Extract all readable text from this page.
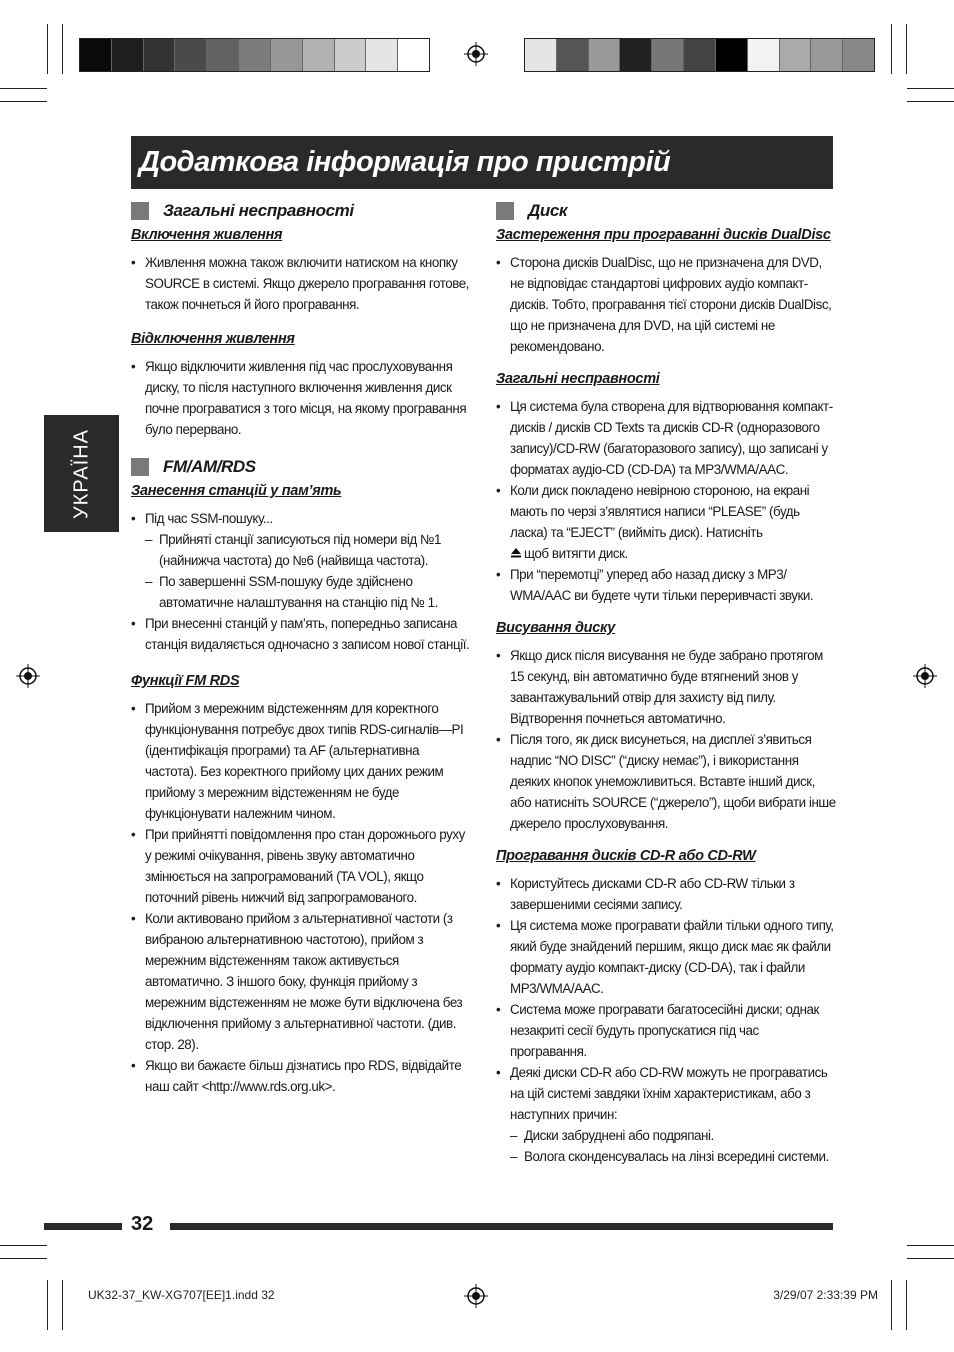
Додаткова інформація про пристрій
УКРАЇНА
Загальні несправності
Включення живлення
• Живлення можна також включити натиском на кнопку SOURCE в системі. Якщо джерело програвання готове, також почнеться й його програвання.
Відключення живлення
• Якщо відключити живлення під час прослуховування диску, то після наступного включення живлення диск почне програватися з того місця, на якому програвання було перервано.
FM/AM/RDS
Занесення станцій у пам’ять
• Під час SSM-пошуку...
– Прийняті станції записуються під номери від №1 (найнижча частота) до №6 (найвища частота).
– По завершенні SSM-пошуку буде здійснено автоматичне налаштування на станцію під № 1.
• При внесенні станцій у пам’ять, попередньо записана станція видаляється одночасно з записом нової станції.
Функції FM RDS
• Прийом з мережним відстеженням для коректного функціонування потребує двох типів RDS-сигналів—PI (ідентифікація програми) та AF (альтернативна частота). Без коректного прийому цих даних режим прийому з мережним відстеженням не буде функціонувати належним чином.
• При прийнятті повідомлення про стан дорожнього руху у режимі очікування, рівень звуку автоматично змінюється на запрограмований (TA VOL), якщо поточний рівень нижчий від запрограмованого.
• Коли активовано прийом з альтернативної частоти (з вибраною альтернативною частотою), прийом з мережним відстеженням також активується автоматично. З іншого боку, функція прийому з мережним відстеженням не може бути відключена без відключення прийому з альтернативної частоти. (див. стор. 28).
• Якщо ви бажаєте більш дізнатись про RDS, відвідайте наш сайт <http://www.rds.org.uk>.
Диск
Застереження при програванні дисків DualDisc
• Сторона дисків DualDisc, що не призначена для DVD, не відповідає стандартові цифрових аудіо компакт-дисків. Тобто, програвання тієї сторони дисків DualDisc, що не призначена для DVD, на цій системі не рекомендовано.
Загальні несправності
• Ця система була створена для відтворювання компакт-дисків / дисків CD Texts та дисків CD-R (одноразового запису)/CD-RW (багаторазового запису), що записані у форматах аудіо-CD (CD-DA) та MP3/WMA/AAC.
• Коли диск покладено невірною стороною, на екрані мають по черзі з’являтися написи “PLEASE” (будь ласка) та “EJECT” (вийміть диск). Натисніть
щоб витягти диск.
• При “перемотці” уперед або назад диску з MP3/ WMA/AAC ви будете чути тільки переривчасті звуки.
Висування диску
• Якщо диск після висування не буде забрано протягом 15 секунд, він автоматично буде втягнений знов у завантажувальний отвір для захисту від пилу. Відтворення почнеться автоматично.
• Після того, як диск висунеться, на дисплеї з’явиться надпис “NO DISC” (“диску немає”), і використання деяких кнопок унеможливиться. Вставте інший диск, або натисніть SOURCE (“джерело”), щоби вибрати інше джерело прослуховування.
Програвання дисків CD-R або CD-RW
• Користуйтесь дисками CD-R або CD-RW тільки з завершеними сесіями запису.
• Ця система може програвати файли тільки одного типу, який буде знайдений першим, якщо диск має як файли формату аудіо компакт-диску (CD-DA), так і файли MP3/WMA/AAC.
• Система може програвати багатосесійні диски; однак незакриті сесії будуть пропускатися під час програвання.
• Деякі диски CD-R або CD-RW можуть не програватись на цій системі завдяки їхнім характеристикам, або з наступних причин:
– Диски забруднені або подряпані.
– Волога сконденсувалась на лінзі всередині системи.
32
UK32-37_KW-XG707[EE]1.indd 32	3/29/07 2:33:39 PM
